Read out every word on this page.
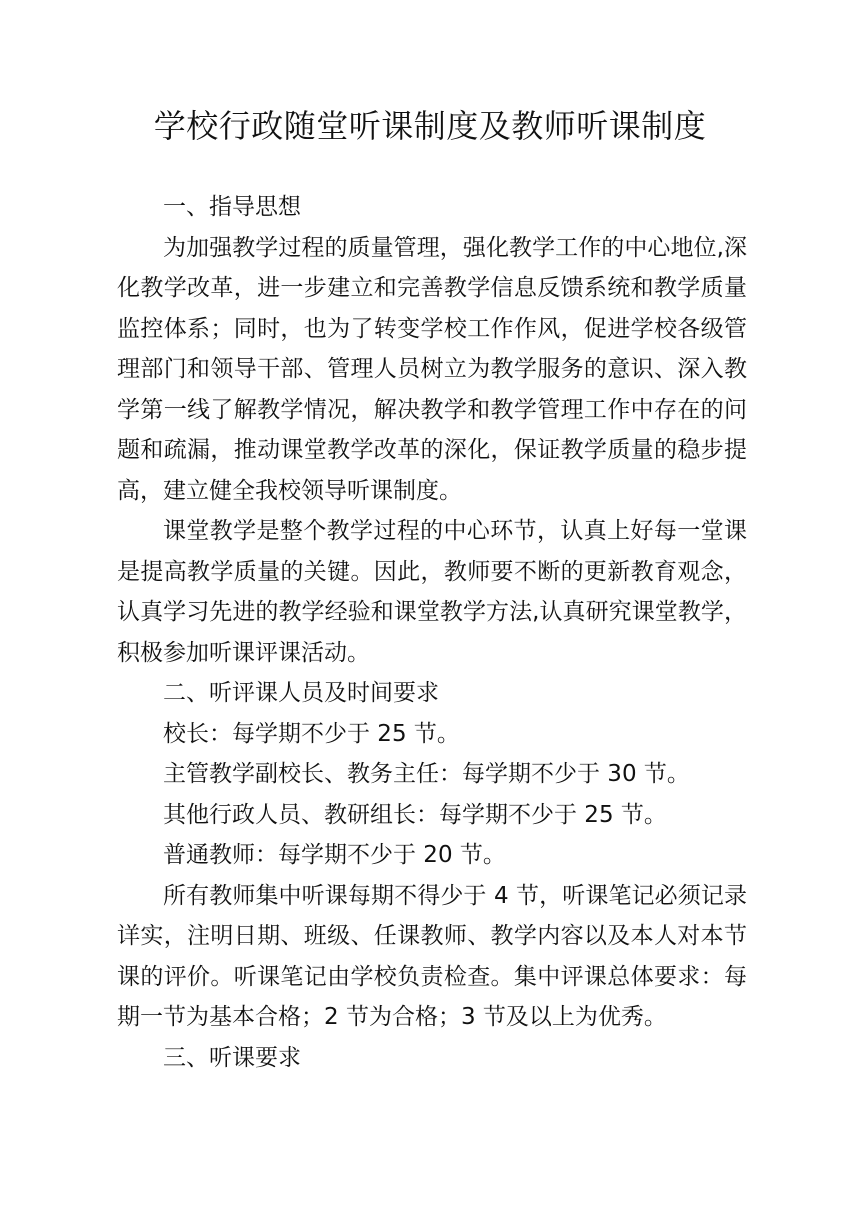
学校行政随堂听课制度及教师听课制度

一、指导思想

为加强教学过程的质量管理，强化教学工作的中心地位,深化教学改革，进一步建立和完善教学信息反馈系统和教学质量监控体系；同时，也为了转变学校工作作风，促进学校各级管理部门和领导干部、管理人员树立为教学服务的意识、深入教学第一线了解教学情况，解决教学和教学管理工作中存在的问题和疏漏，推动课堂教学改革的深化，保证教学质量的稳步提高，建立健全我校领导听课制度。

课堂教学是整个教学过程的中心环节，认真上好每一堂课是提高教学质量的关键。因此，教师要不断的更新教育观念，认真学习先进的教学经验和课堂教学方法,认真研究课堂教学，积极参加听课评课活动。

二、听评课人员及时间要求

校长：每学期不少于 25 节。

主管教学副校长、教务主任：每学期不少于 30 节。

其他行政人员、教研组长：每学期不少于 25 节。

普通教师：每学期不少于 20 节。

所有教师集中听课每期不得少于 4 节，听课笔记必须记录详实，注明日期、班级、任课教师、教学内容以及本人对本节课的评价。听课笔记由学校负责检查。集中评课总体要求：每期一节为基本合格；2 节为合格；3 节及以上为优秀。

三、听课要求
